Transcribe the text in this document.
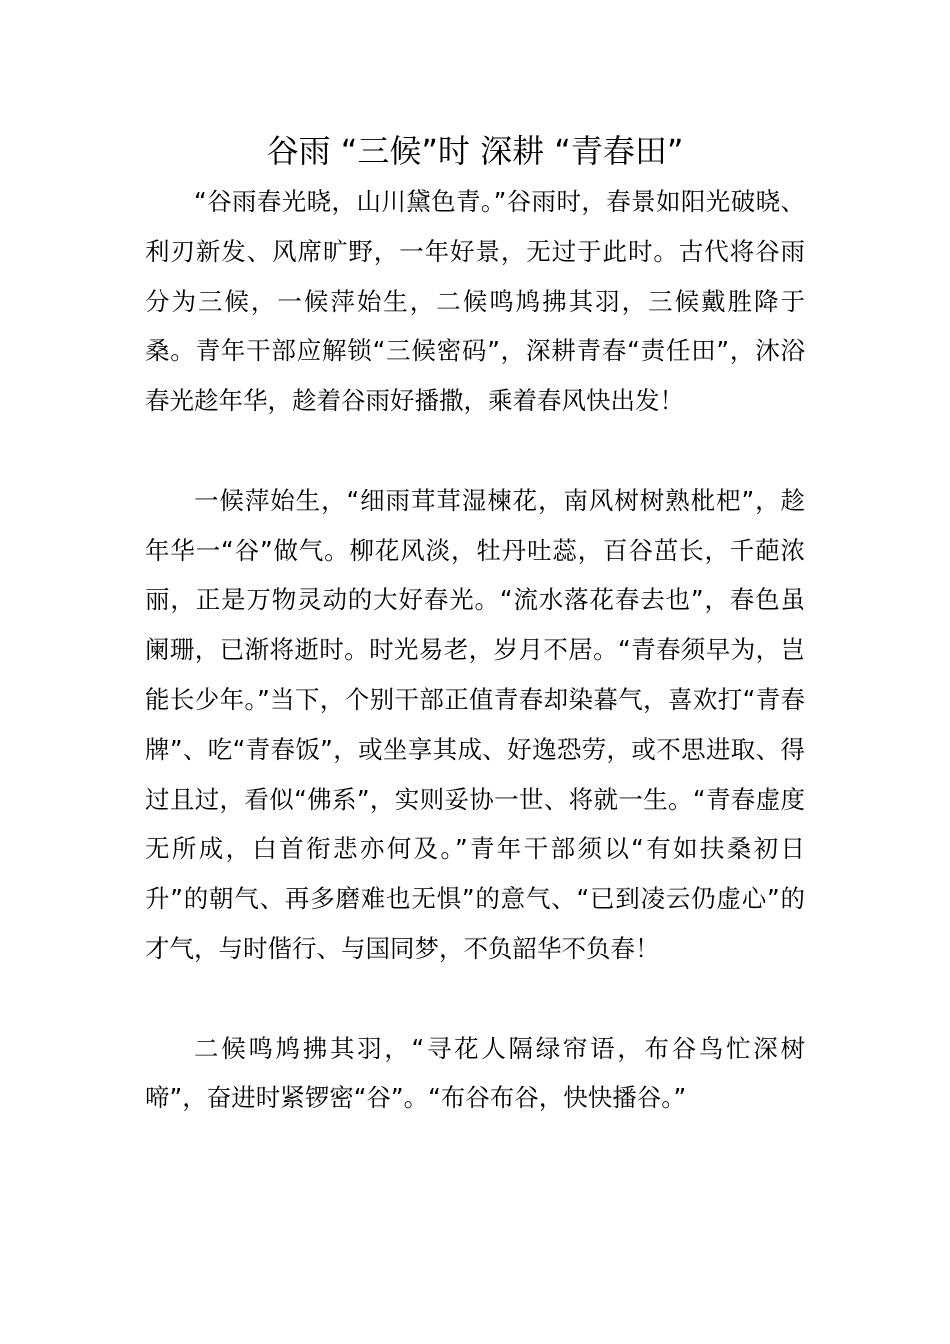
谷雨 “三候”时 深耕 “青春田”

“谷雨春光晓，山川黛色青。”谷雨时，春景如阳光破晓、利刃新发、风席旷野，一年好景，无过于此时。古代将谷雨分为三候，一候萍始生，二候鸣鸠拂其羽，三候戴胜降于桑。青年干部应解锁“三候密码”，深耕青春“责任田”，沐浴春光趁年华，趁着谷雨好播撒，乘着春风快出发！

一候萍始生，“细雨茸茸湿楝花，南风树树熟枇杷”，趁年华一“谷”做气。柳花风淡，牡丹吐蕊，百谷茁长，千葩浓丽，正是万物灵动的大好春光。“流水落花春去也”，春色虽阑珊，已渐将逝时。时光易老，岁月不居。“青春须早为，岂能长少年。”当下，个别干部正值青春却染暮气，喜欢打“青春牌”、吃“青春饭”，或坐享其成、好逸恐劳，或不思进取、得过且过，看似“佛系”，实则妥协一世、将就一生。“青春虚度无所成，白首衔悲亦何及。”青年干部须以“有如扶桑初日升”的朝气、再多磨难也无惧”的意气、“已到凌云仍虚心”的才气，与时偕行、与国同梦，不负韶华不负春！

二候鸣鸠拂其羽，“寻花人隔绿帘语，布谷鸟忙深树啼”，奋进时紧锣密“谷”。“布谷布谷，快快播谷。”
